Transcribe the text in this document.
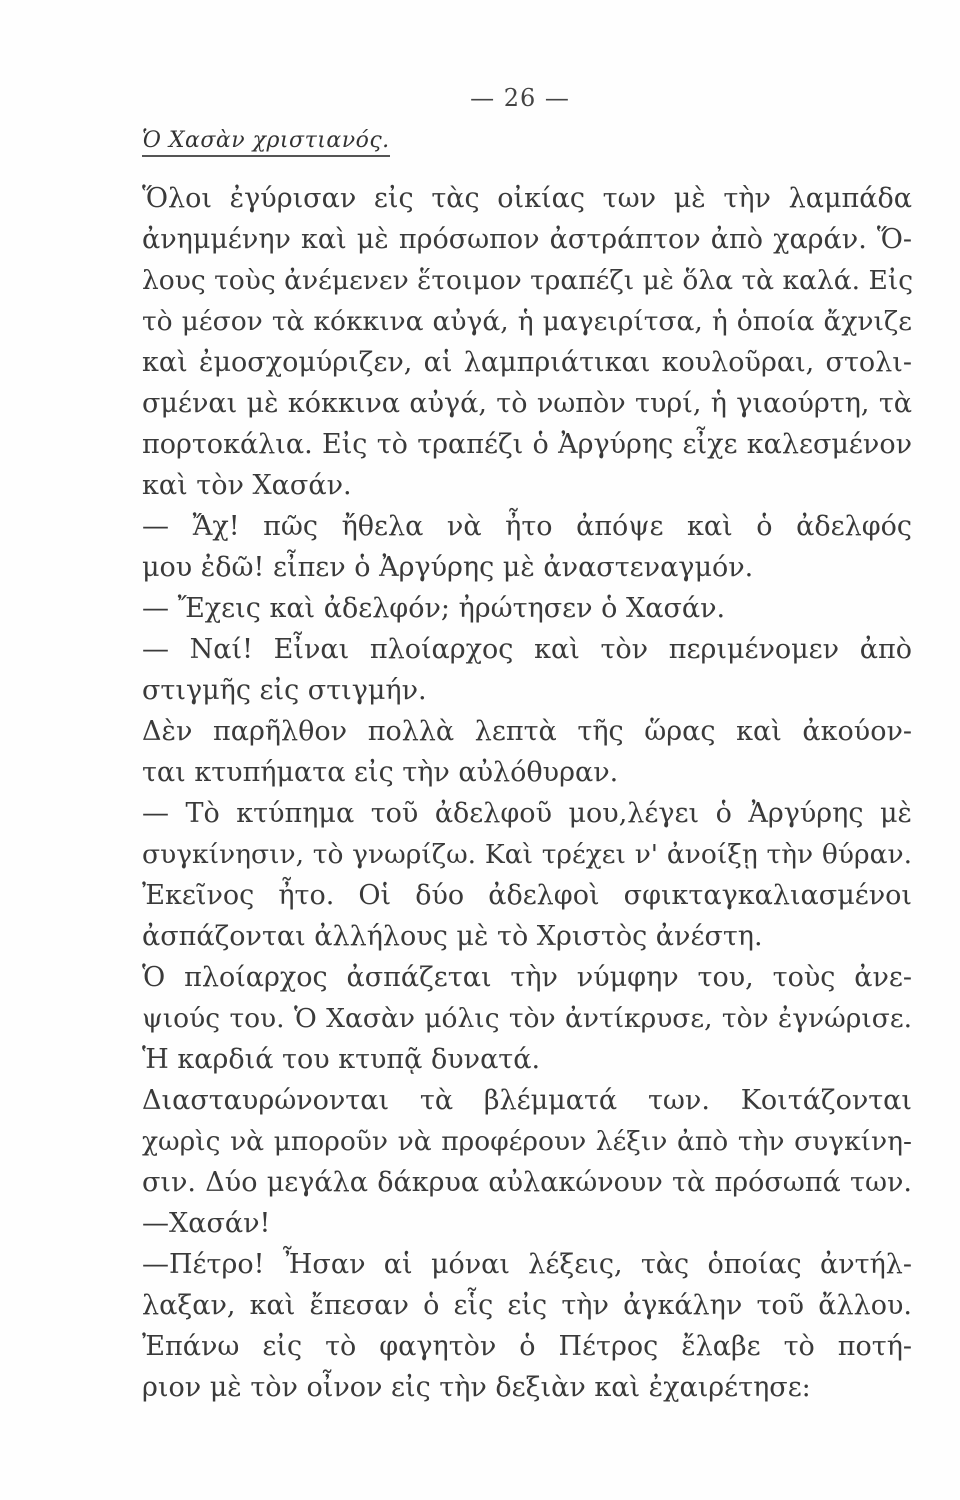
— 26 —
Ὁ Χασὰν χριστιανός.
Ὅλοι ἐγύρισαν εἰς τὰς οἰκίας των μὲ τὴν λαμπάδα
ἀνημμένην καὶ μὲ πρόσωπον ἀστράπτον ἀπὸ χαράν. Ὅ-
λους τοὺς ἀνέμενεν ἕτοιμον τραπέζι μὲ ὅλα τὰ καλά. Εἰς
τὸ μέσον τὰ κόκκινα αὐγά, ἡ μαγειρίτσα, ἡ ὁποία ἄχνιζε
καὶ ἐμοσχομύριζεν, αἱ λαμπριάτικαι κουλοῦραι, στολι-
σμέναι μὲ κόκκινα αὐγά, τὸ νωπὸν τυρί, ἡ γιαούρτη, τὰ
πορτοκάλια. Εἰς τὸ τραπέζι ὁ Ἀργύρης εἶχε καλεσμένον
καὶ τὸν Χασάν.
— Ἄχ! πῶς ἤθελα νὰ ἦτο ἀπόψε καὶ ὁ ἀδελφός
μου ἐδῶ! εἶπεν ὁ Ἀργύρης μὲ ἀναστεναγμόν.
— Ἔχεις καὶ ἀδελφόν; ἠρώτησεν ὁ Χασάν.
— Ναί! Εἶναι πλοίαρχος καὶ τὸν περιμένομεν ἀπὸ
στιγμῆς εἰς στιγμήν.
Δὲν παρῆλθον πολλὰ λεπτὰ τῆς ὥρας καὶ ἀκούον-
ται κτυπήματα εἰς τὴν αὐλόθυραν.
— Τὸ κτύπημα τοῦ ἀδελφοῦ μου,λέγει ὁ Ἀργύρης μὲ
συγκίνησιν, τὸ γνωρίζω. Καὶ τρέχει ν' ἀνοίξῃ τὴν θύραν.
Ἐκεῖνος ἦτο. Οἱ δύο ἀδελφοὶ σφικταγκαλιασμένοι
ἀσπάζονται ἀλλήλους μὲ τὸ Χριστὸς ἀνέστη.
Ὁ πλοίαρχος ἀσπάζεται τὴν νύμφην του, τοὺς ἀνε-
ψιούς του. Ὁ Χασὰν μόλις τὸν ἀντίκρυσε, τὸν ἐγνώρισε.
Ἡ καρδιά του κτυπᾷ δυνατά.
Διασταυρώνονται τὰ βλέμματά των. Κοιτάζονται
χωρὶς νὰ μποροῦν νὰ προφέρουν λέξιν ἀπὸ τὴν συγκίνη-
σιν. Δύο μεγάλα δάκρυα αὐλακώνουν τὰ πρόσωπά των.
—Χασάν!
—Πέτρο! Ἦσαν αἱ μόναι λέξεις, τὰς ὁποίας ἀντήλ-
λαξαν, καὶ ἔπεσαν ὁ εἷς εἰς τὴν ἀγκάλην τοῦ ἄλλου.
Ἐπάνω εἰς τὸ φαγητὸν ὁ Πέτρος ἔλαβε τὸ ποτή-
ριον μὲ τὸν οἶνον εἰς τὴν δεξιὰν καὶ ἐχαιρέτησε:
